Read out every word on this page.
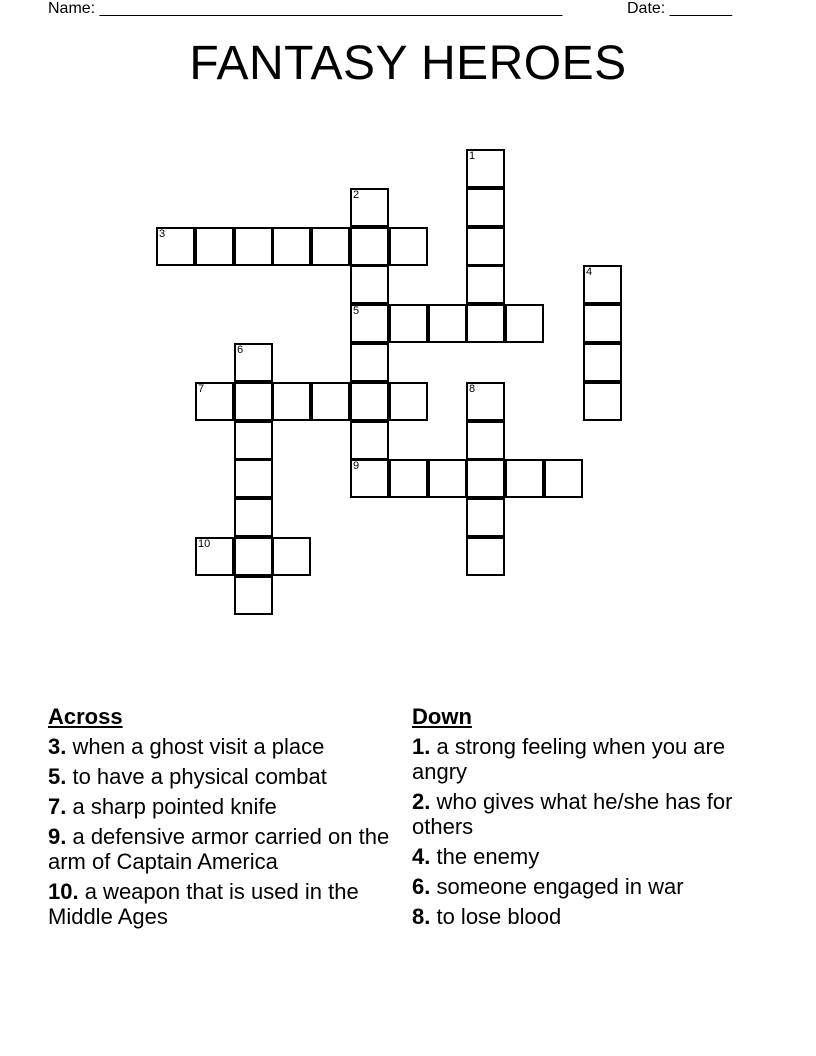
Name: ____________________________________________________	Date: _______
FANTASY HEROES
3
5
7
9
10
1
2
4
6
8
Across
3. when a ghost visit a place
5. to have a physical combat
7. a sharp pointed knife
9. a defensive armor carried on the arm of Captain America
10. a weapon that is used in the Middle Ages
Down
1. a strong feeling when you are angry
2. who gives what he/she has for others
4. the enemy
6. someone engaged in war
8. to lose blood
